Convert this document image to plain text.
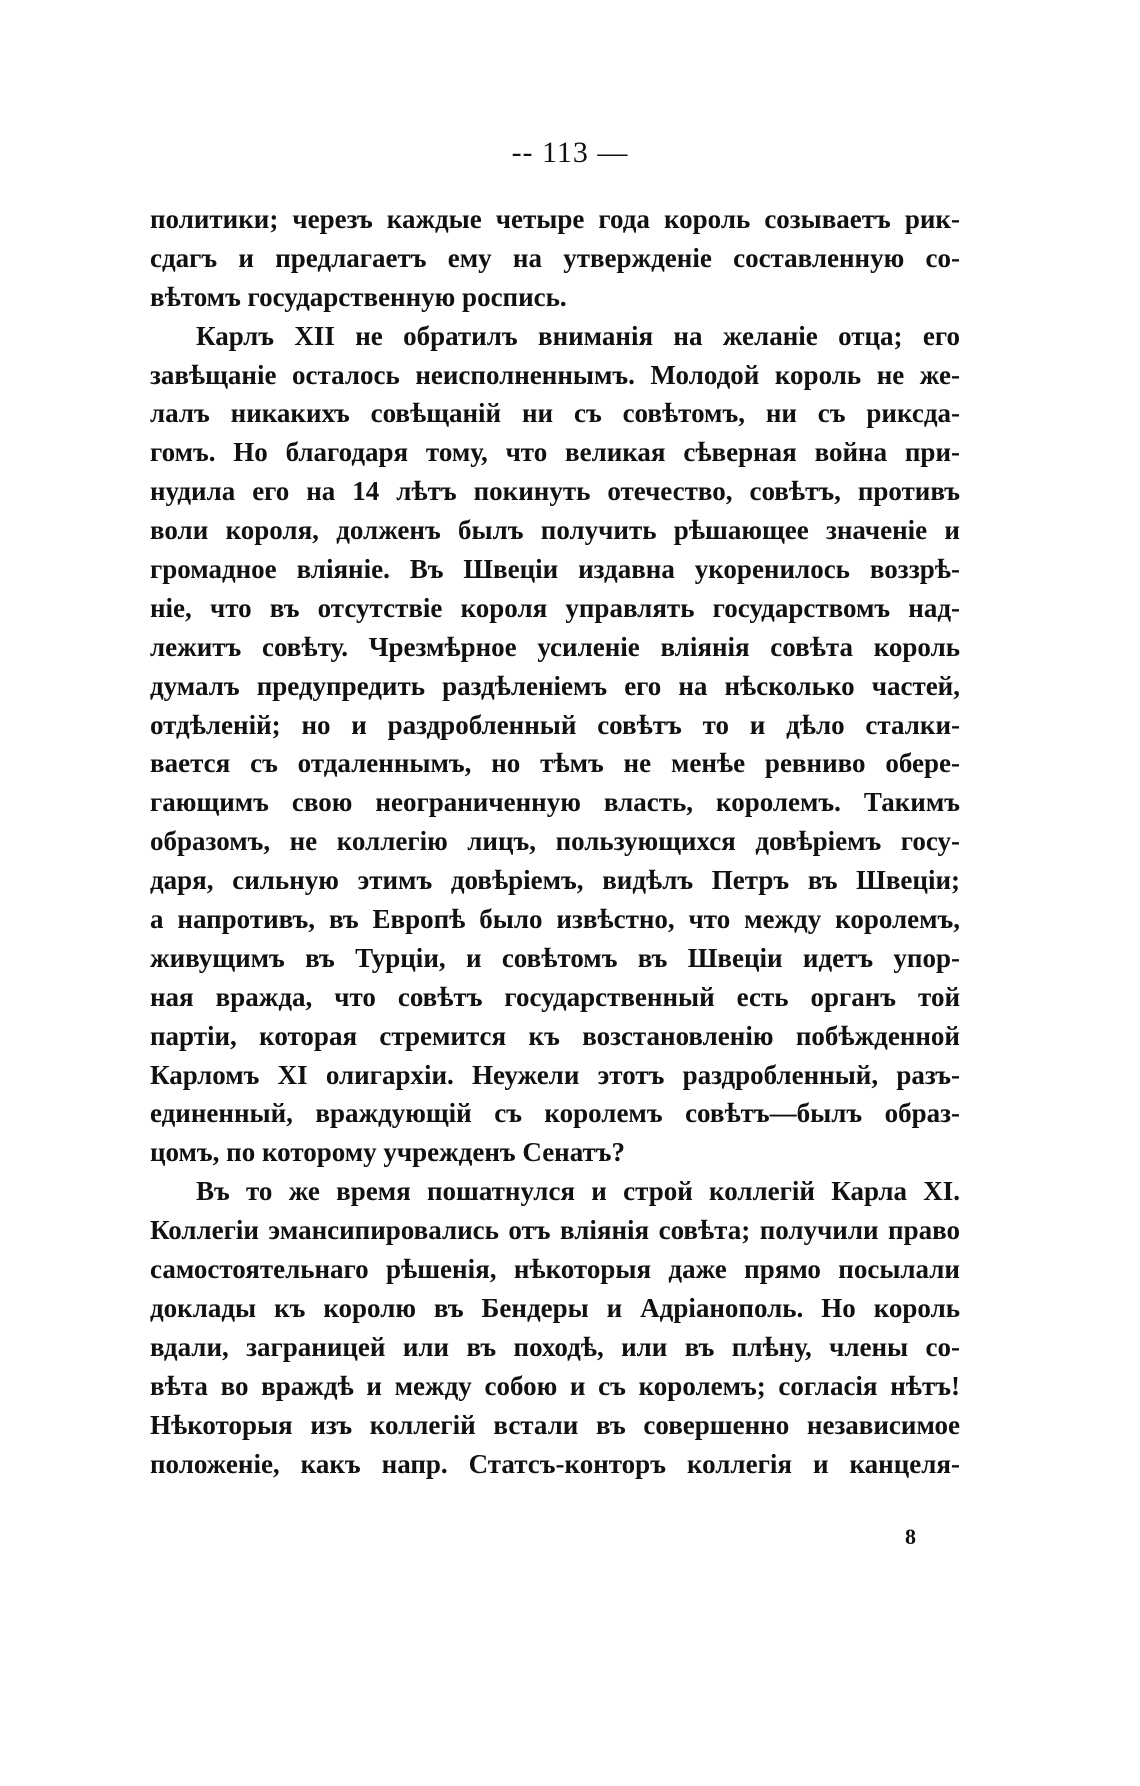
-- 113 —
политики; черезъ каждые четыре года король созываетъ рик-
сдагъ и предлагаетъ ему на утвержденіе составленную со-
вѣтомъ государственную роспись.
Карлъ XII не обратилъ вниманія на желаніе отца; его
завѣщаніе осталось неисполненнымъ. Молодой король не же-
лалъ никакихъ совѣщаній ни съ совѣтомъ, ни съ риксда-
гомъ. Но благодаря тому, что великая сѣверная война при-
нудила его на 14 лѣтъ покинуть отечество, совѣтъ, противъ
воли короля, долженъ былъ получить рѣшающее значеніе и
громадное вліяніе. Въ Швеціи издавна укоренилось воззрѣ-
ніе, что въ отсутствіе короля управлять государствомъ над-
лежитъ совѣту. Чрезмѣрное усиленіе вліянія совѣта король
думалъ предупредить раздѣленіемъ его на нѣсколько частей,
отдѣленій; но и раздробленный совѣтъ то и дѣло сталки-
вается съ отдаленнымъ, но тѣмъ не менѣе ревниво обере-
гающимъ свою неограниченную власть, королемъ. Такимъ
образомъ, не коллегію лицъ, пользующихся довѣріемъ госу-
даря, сильную этимъ довѣріемъ, видѣлъ Петръ въ Швеціи;
а напротивъ, въ Европѣ было извѣстно, что между королемъ,
живущимъ въ Турціи, и совѣтомъ въ Швеціи идетъ упор-
ная вражда, что совѣтъ государственный есть органъ той
партіи, которая стремится къ возстановленію побѣжденной
Карломъ XI олигархіи. Неужели этотъ раздробленный, разъ-
единенный, враждующій съ королемъ совѣтъ—былъ образ-
цомъ, по которому учрежденъ Сенатъ?
Въ то же время пошатнулся и строй коллегій Карла XI.
Коллегіи эмансипировались отъ вліянія совѣта; получили право
самостоятельнаго рѣшенія, нѣкоторыя даже прямо посылали
доклады къ королю въ Бендеры и Адріанополь. Но король
вдали, заграницей или въ походѣ, или въ плѣну, члены со-
вѣта во враждѣ и между собою и съ королемъ; согласія нѣтъ!
Нѣкоторыя изъ коллегій встали въ совершенно независимое
положеніе, какъ напр. Статсъ-конторъ коллегія и канцеля-
8
